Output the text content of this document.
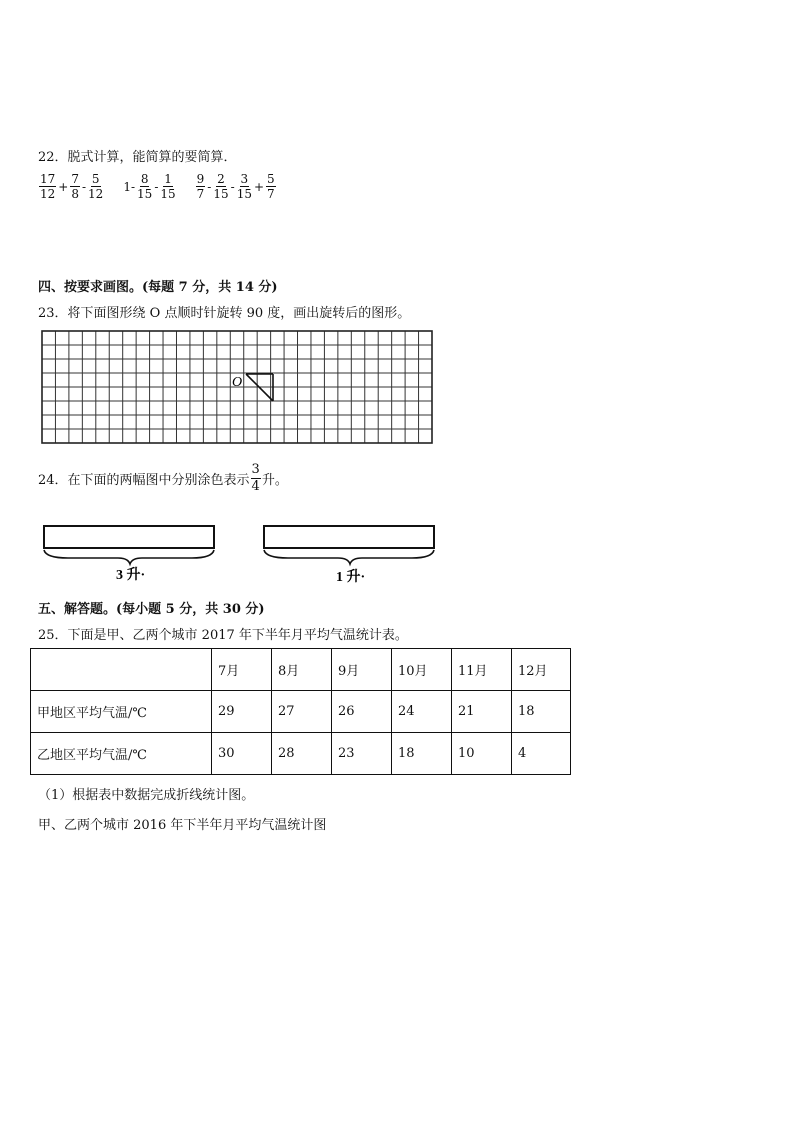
22．脱式计算，能简算的要简算．
$\frac{17}{12} + \frac{7}{8} - \frac{5}{12} 1- \frac{8}{15} - \frac{1}{15} \frac{9}{7} - \frac{2}{15} - \frac{3}{15} + \frac{5}{7}$
四、按要求画图。(每题 7 分，共 14 分)
23．将下面图形绕 O 点顺时针旋转 90 度，画出旋转后的图形。
O
24．在下面的两幅图中分别涂色表示 $\frac{3}{4}$ 升。
3 升·	1 升·
五、解答题。(每小题 5 分，共 30 分)
25．下面是甲、乙两个城市 2017 年下半年月平均气温统计表。
	7月	8月	9月	10月	11月	12月
甲地区平均气温/℃	29	27	26	24	21	18
乙地区平均气温/℃	30	28	23	18	10	4
（1）根据表中数据完成折线统计图。
甲、乙两个城市 2016 年下半年月平均气温统计图
